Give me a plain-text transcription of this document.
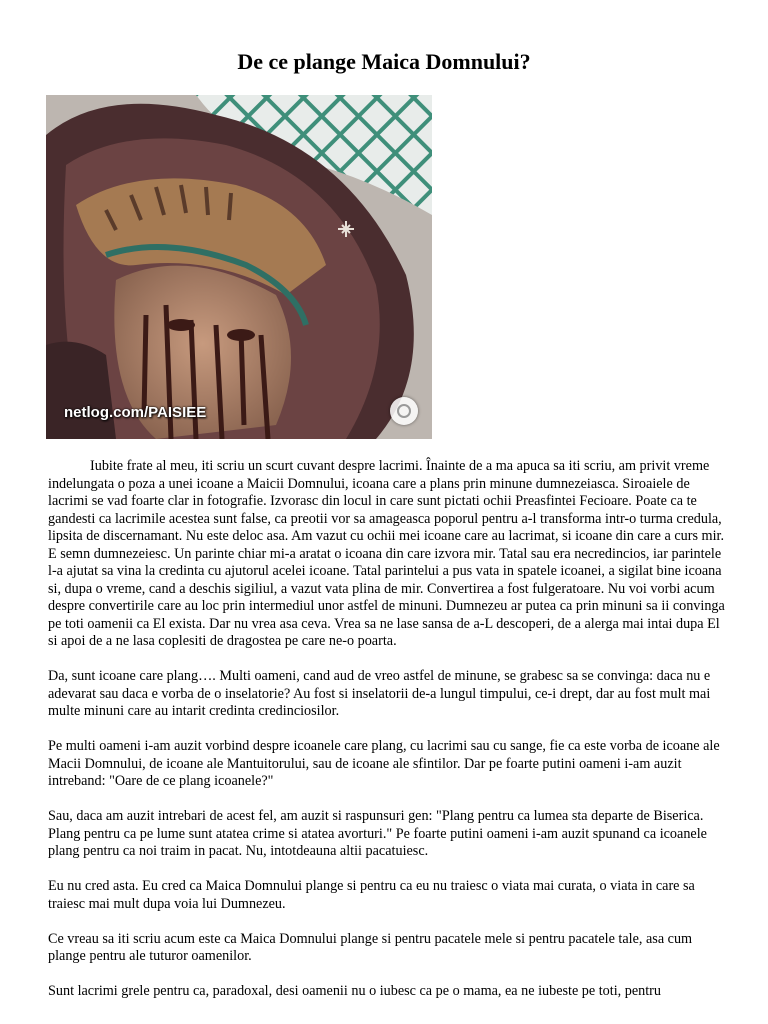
De ce plange Maica Domnului?
netlog.com/PAISIEE

Iubite frate al meu, iti scriu un scurt cuvant despre lacrimi. Înainte de a ma apuca sa iti scriu, am privit vreme indelungata o poza a unei icoane a Maicii Domnului, icoana care a plans prin minune dumnezeiasca. Siroaiele de lacrimi se vad foarte clar in fotografie. Izvorasc din locul in care sunt pictati ochii Preasfintei Fecioare. Poate ca te gandesti ca lacrimile acestea sunt false, ca preotii vor sa amageasca poporul pentru a-l transforma intr-o turma credula, lipsita de discernamant. Nu este deloc asa. Am vazut cu ochii mei icoane care au lacrimat, si icoane din care a curs mir. E semn dumnezeiesc. Un parinte chiar mi-a aratat o icoana din care izvora mir. Tatal sau era necredincios, iar parintele l-a ajutat sa vina la credinta cu ajutorul acelei icoane. Tatal parintelui a pus vata in spatele icoanei, a sigilat bine icoana si, dupa o vreme, cand a deschis sigiliul, a vazut vata plina de mir. Convertirea a fost fulgeratoare. Nu voi vorbi acum despre convertirile care au loc prin intermediul unor astfel de minuni. Dumnezeu ar putea ca prin minuni sa ii convinga pe toti oamenii ca El exista. Dar nu vrea asa ceva. Vrea sa ne lase sansa de a-L descoperi, de a alerga mai intai dupa El si apoi de a ne lasa coplesiti de dragostea pe care ne-o poarta.

Da, sunt icoane care plang…. Multi oameni, cand aud de vreo astfel de minune, se grabesc sa se convinga: daca nu e adevarat sau daca e vorba de o inselatorie? Au fost si inselatorii de-a lungul timpului, ce-i drept, dar au fost mult mai multe minuni care au intarit credinta credinciosilor.

Pe multi oameni i-am auzit vorbind despre icoanele care plang, cu lacrimi sau cu sange, fie ca este vorba de icoane ale Macii Domnului, de icoane ale Mantuitorului, sau de icoane ale sfintilor. Dar pe foarte putini oameni i-am auzit intreband: "Oare de ce plang icoanele?"

Sau, daca am auzit intrebari de acest fel, am auzit si raspunsuri gen: "Plang pentru ca lumea sta departe de Biserica. Plang pentru ca pe lume sunt atatea crime si atatea avorturi." Pe foarte putini oameni i-am auzit spunand ca icoanele plang pentru ca noi traim in pacat. Nu, intotdeauna altii pacatuiesc.

Eu nu cred asta. Eu cred ca Maica Domnului plange si pentru ca eu nu traiesc o viata mai curata, o viata in care sa traiesc mai mult dupa voia lui Dumnezeu.

Ce vreau sa iti scriu acum este ca Maica Domnului plange si pentru pacatele mele si pentru pacatele tale, asa cum plange pentru ale tuturor oamenilor.

Sunt lacrimi grele pentru ca, paradoxal, desi oamenii nu o iubesc ca pe o mama, ea ne iubeste pe toti, pentru
